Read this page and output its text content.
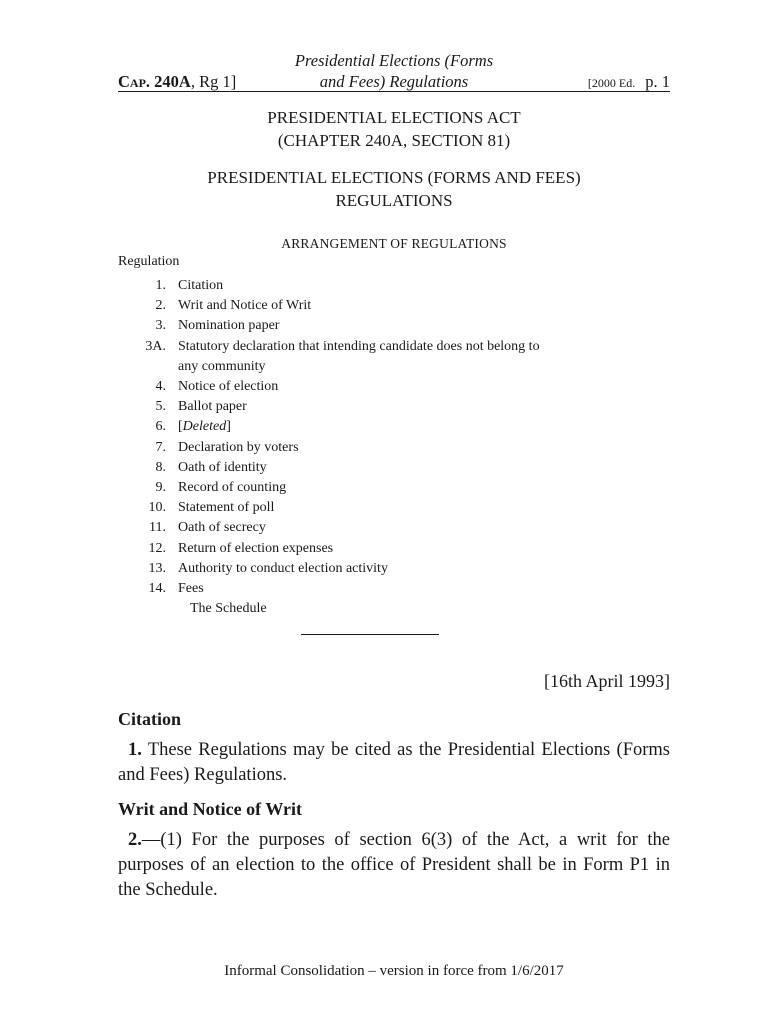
Presidential Elections (Forms
and Fees) Regulations
Cap. 240A, Rg 1]	[2000 Ed. p. 1
PRESIDENTIAL ELECTIONS ACT
(CHAPTER 240A, SECTION 81)
PRESIDENTIAL ELECTIONS (FORMS AND FEES)
REGULATIONS
ARRANGEMENT OF REGULATIONS
Regulation
1. Citation
2. Writ and Notice of Writ
3. Nomination paper
3A. Statutory declaration that intending candidate does not belong to
any community
4. Notice of election
5. Ballot paper
6. [Deleted]
7. Declaration by voters
8. Oath of identity
9. Record of counting
10. Statement of poll
11. Oath of secrecy
12. Return of election expenses
13. Authority to conduct election activity
14. Fees
The Schedule
[16th April 1993]
Citation
1. These Regulations may be cited as the Presidential Elections (Forms and Fees) Regulations.
Writ and Notice of Writ
2.—(1) For the purposes of section 6(3) of the Act, a writ for the purposes of an election to the office of President shall be in Form P1 in the Schedule.
Informal Consolidation – version in force from 1/6/2017
